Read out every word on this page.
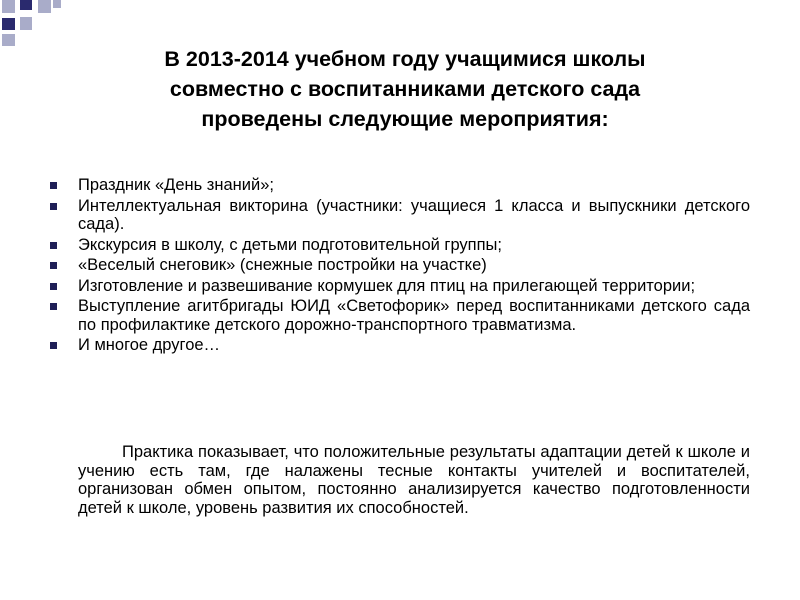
В 2013-2014 учебном году учащимися школы
совместно с воспитанниками детского сада
проведены следующие мероприятия:
Праздник «День знаний»;
Интеллектуальная викторина (участники: учащиеся 1 класса и выпускники детского сада).
Экскурсия в школу, с детьми подготовительной группы;
«Веселый снеговик» (снежные постройки на участке)
Изготовление и развешивание кормушек для птиц на прилегающей территории;
Выступление агитбригады ЮИД «Светофорик» перед воспитанниками детского сада по профилактике детского дорожно-транспортного травматизма.
И многое другое…

Практика показывает, что положительные результаты адаптации детей к школе и учению есть там, где налажены тесные контакты учителей и воспитателей, организован обмен опытом, постоянно анализируется качество подготовленности детей к школе, уровень развития их способностей.
